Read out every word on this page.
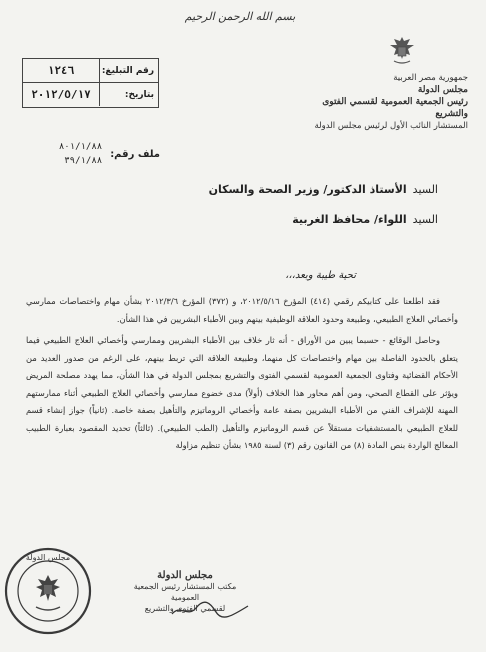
بسم الله الرحمن الرحيم
جمهورية مصر العربية
مجلس الدولة
رئيس الجمعية العمومية لقسمي الفتوى والتشريع
المستشار النائب الأول لرئيس مجلس الدولة
رقم التبليغ:
١٢٤٦
بتاريخ:
٢٠١٢/٥/١٧
ملف رقم:
٨٠١/١/٨٨
٣٩/١/٨٨
السيدالأستاذ الدكتور/ وزير الصحة والسكان
السيداللواء/ محافظ الغربية
تحية طيبة وبعد،،،

فقد اطلعنا على كتابيكم رقمي (٤١٤) المؤرخ ٢٠١٢/٥/١٦، و (٣٧٢) المؤرخ ٢٠١٢/٣/٦ بشأن مهام واختصاصات ممارسي وأخصائي العلاج الطبيعي، وطبيعة وحدود العلاقة الوظيفية بينهم وبين الأطباء البشريين في هذا الشأن.

وحاصل الوقائع - حسبما يبين من الأوراق - أنه ثار خلاف بين الأطباء البشريين وممارسي وأخصائي العلاج الطبيعي فيما يتعلق بالحدود الفاصلة بين مهام واختصاصات كل منهما، وطبيعة العلاقة التي تربط بينهم، على الرغم من صدور العديد من الأحكام القضائية وفتاوى الجمعية العمومية لقسمي الفتوى والتشريع بمجلس الدولة في هذا الشأن، مما يهدد مصلحة المريض ويؤثر على القطاع الصحي، ومن أهم محاور هذا الخلاف (أولاً) مدى خضوع ممارسي وأخصائي العلاج الطبيعي أثناء ممارستهم المهنة للإشراف الفني من الأطباء البشريين بصفة عامة وأخصائي الروماتيزم والتأهيل بصفة خاصة. (ثانياً) جواز إنشاء قسم للعلاج الطبيعي بالمستشفيات مستقلاً عن قسم الروماتيزم والتأهيل (الطب الطبيعي). (ثالثاً) تحديد المقصود بعبارة الطبيب المعالج الواردة بنص المادة (٨) من القانون رقم (٣) لسنة ١٩٨٥ بشأن تنظيم مزاولة

مجلس الدولة
مجلس الدولة
مكتب المستشار رئيس الجمعية العمومية
لقسمي الفتوى والتشريع
